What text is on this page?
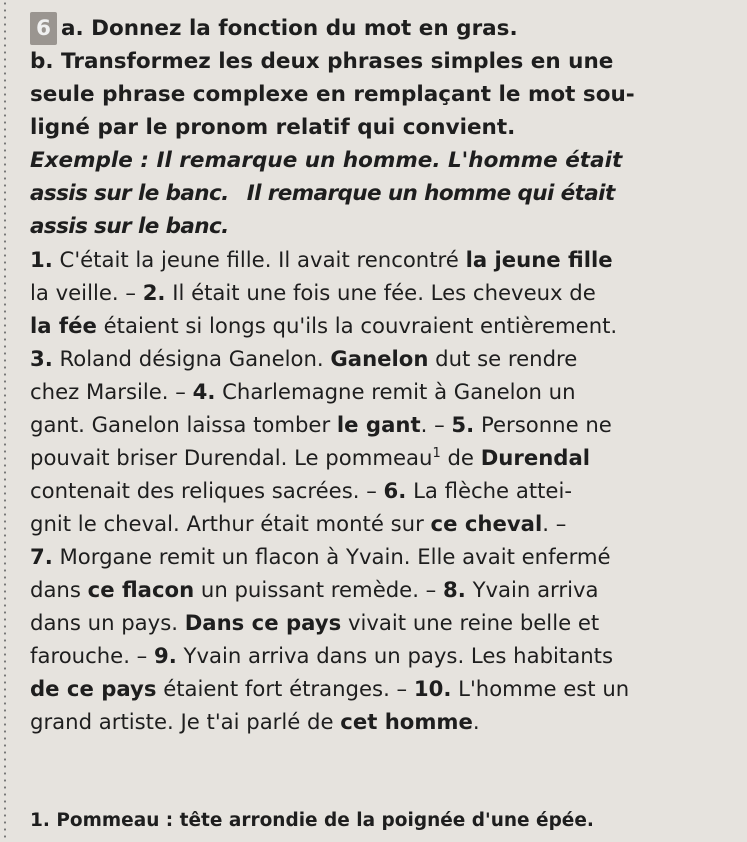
6 a. Donnez la fonction du mot en gras.
b. Transformez les deux phrases simples en une
seule phrase complexe en remplaçant le mot sou-
ligné par le pronom relatif qui convient.
Exemple : Il remarque un homme. L'homme était
assis sur le banc. Il remarque un homme qui était
assis sur le banc.
1. C'était la jeune fille. Il avait rencontré la jeune fille
la veille. – 2. Il était une fois une fée. Les cheveux de
la fée étaient si longs qu'ils la couvraient entièrement.
3. Roland désigna Ganelon. Ganelon dut se rendre
chez Marsile. – 4. Charlemagne remit à Ganelon un
gant. Ganelon laissa tomber le gant. – 5. Personne ne
pouvait briser Durendal. Le pommeau$^1$ de Durendal
contenait des reliques sacrées. – 6. La flèche attei-
gnit le cheval. Arthur était monté sur ce cheval. –
7. Morgane remit un flacon à Yvain. Elle avait enfermé
dans ce flacon un puissant remède. – 8. Yvain arriva
dans un pays. Dans ce pays vivait une reine belle et
farouche. – 9. Yvain arriva dans un pays. Les habitants
de ce pays étaient fort étranges. – 10. L'homme est un
grand artiste. Je t'ai parlé de cet homme.
1. Pommeau : tête arrondie de la poignée d'une épée.
